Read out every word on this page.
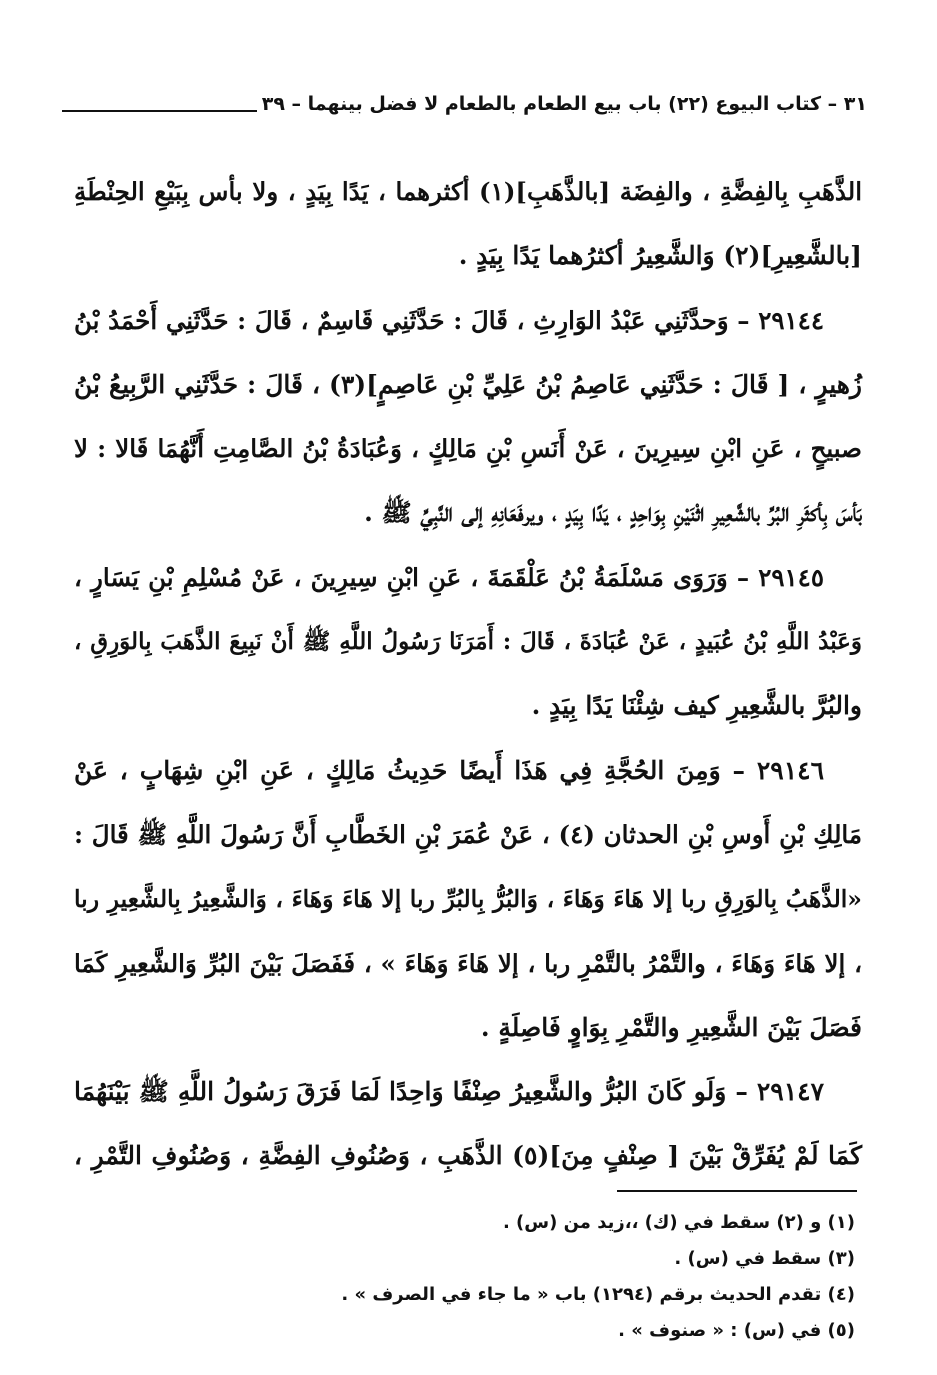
٣١ – كتاب البيوع (٢٢) باب بيع الطعام بالطعام لا فضل بينهما – ٣٩
الذَّهَبِ بِالفِضَّةِ ، والفِضَة [بالذَّهَبِ](١) أكثرهما ، يَدًا بِيَدٍ ، ولا بأس بِبَيْعِ الحِنْطَةِ
[بالشَّعِيرِ](٢) وَالشَّعِيرُ أكثرُهما يَدًا بِيَدٍ .
٢٩١٤٤ – وَحدَّثَنِي عَبْدُ الوَارِثِ ، قَالَ : حَدَّثَنِي قَاسِمٌ ، قَالَ : حَدَّثَنِي أَحْمَدُ بْنُ
زُهيرٍ ، [ قَالَ : حَدَّثَنِي عَاصِمُ بْنُ عَلِيِّ بْنِ عَاصِمٍ](٣) ، قَالَ : حَدَّثَنِي الرَّبِيعُ بْنُ
صبيحٍ ، عَنِ ابْنِ سِيرِينَ ، عَنْ أَنَسِ بْنِ مَالِكٍ ، وَعُبَادَةُ بْنُ الصَّامِتِ أَنَّهُمَا قَالا : لا
بَأسَ بِأكثَرِ البُرِّ بالشَّعِيرِ اثْنَيْنِ بِوَاحِدٍ ، يَدًا بِيَدٍ ، ويرفَعَانِهِ إلى النَّبِيِّ ﷺ .
٢٩١٤٥ – وَرَوَى مَسْلَمَةُ بْنُ عَلْقَمَةَ ، عَنِ ابْنِ سِيرِينَ ، عَنْ مُسْلِمِ بْنِ يَسَارٍ ،
وَعَبْدُ اللَّهِ بْنُ عُبَيدٍ ، عَنْ عُبَادَةَ ، قَالَ : أَمَرَنَا رَسُولُ اللَّهِ ﷺ أَنْ نَبِيعَ الذَّهَبَ بِالوَرِقِ ،
والبُرَّ بالشَّعِيرِ كيف شِئْنَا يَدًا بِيَدٍ .
٢٩١٤٦ – وَمِنَ الحُجَّةِ فِي هَذَا أَيضًا حَدِيثُ مَالِكٍ ، عَنِ ابْنِ شِهَابٍ ، عَنْ
مَالِكِ بْنِ أَوسِ بْنِ الحدثان (٤) ، عَنْ عُمَرَ بْنِ الخَطَّابِ أَنَّ رَسُولَ اللَّهِ ﷺ قَالَ :
«الذَّهَبُ بِالوَرِقِ ربا إلا هَاءَ وَهَاءَ ، وَالبُرُّ بِالبُرِّ ربا إلا هَاءَ وَهَاءَ ، وَالشَّعِيرُ بِالشَّعِيرِ ربا
، إلا هَاءَ وَهَاءَ ، والتَّمْرُ بالتَّمْرِ ربا ، إلا هَاءَ وَهَاءَ » ، فَفَصَلَ بَيْنَ البُرِّ وَالشَّعِيرِ كَمَا
فَصَلَ بَيْنَ الشَّعِيرِ والتَّمْرِ بِوَاوٍ فَاصِلَةٍ .
٢٩١٤٧ – وَلَو كَانَ البُرُّ والشَّعِيرُ صِنْفًا وَاحِدًا لَمَا فَرَقَ رَسُولُ اللَّهِ ﷺ بَيْنَهُمَا
كَمَا لَمْ يُفَرِّقْ بَيْنَ [ صِنْفٍ مِنَ](٥) الذَّهَبِ ، وَصُنُوفِ الفِضَّةِ ، وَصُنُوفِ التَّمْرِ ،
(١) و (٢) سقط في (ك) ،،زيد من (س) .
(٣) سقط في (س) .
(٤) تقدم الحديث برقم (١٢٩٤) باب « ما جاء في الصرف » .
(٥) في (س) : « صنوف » .
